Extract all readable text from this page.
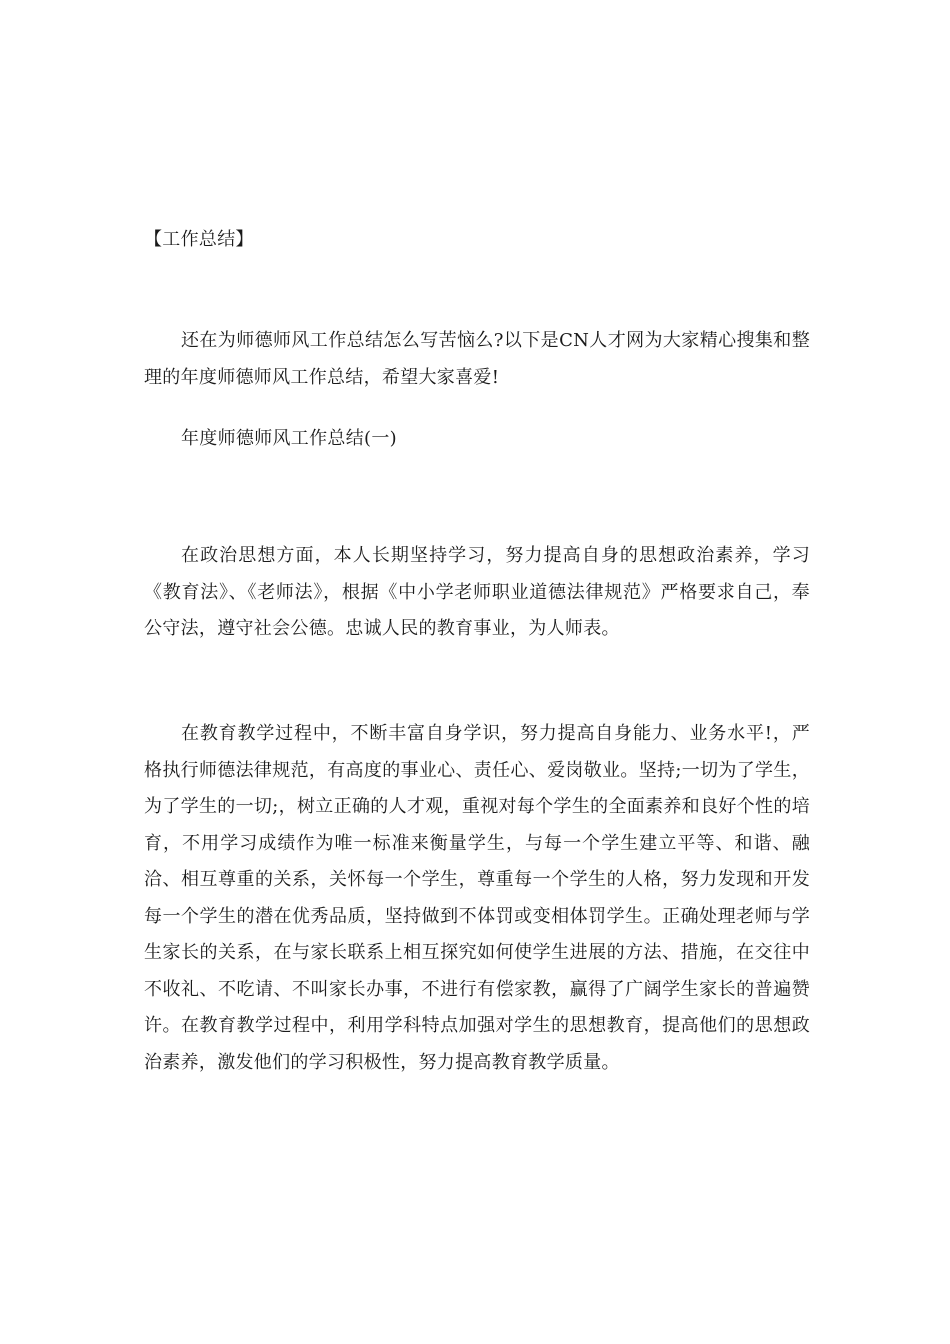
【工作总结】

还在为师德师风工作总结怎么写苦恼么?以下是CN人才网为大家精心搜集和整理的年度师德师风工作总结，希望大家喜爱!

年度师德师风工作总结(一)

在政治思想方面，本人长期坚持学习，努力提高自身的思想政治素养，学习《教育法》、《老师法》，根据《中小学老师职业道德法律规范》严格要求自己，奉公守法，遵守社会公德。忠诚人民的教育事业，为人师表。

在教育教学过程中，不断丰富自身学识，努力提高自身能力、业务水平!，严格执行师德法律规范，有高度的事业心、责任心、爱岗敬业。坚持;一切为了学生，为了学生的一切;，树立正确的人才观，重视对每个学生的全面素养和良好个性的培育，不用学习成绩作为唯一标准来衡量学生，与每一个学生建立平等、和谐、融洽、相互尊重的关系，关怀每一个学生，尊重每一个学生的人格，努力发现和开发每一个学生的潜在优秀品质，坚持做到不体罚或变相体罚学生。正确处理老师与学生家长的关系，在与家长联系上相互探究如何使学生进展的方法、措施，在交往中不收礼、不吃请、不叫家长办事，不进行有偿家教，赢得了广阔学生家长的普遍赞许。在教育教学过程中，利用学科特点加强对学生的思想教育，提高他们的思想政治素养，激发他们的学习积极性，努力提高教育教学质量。
